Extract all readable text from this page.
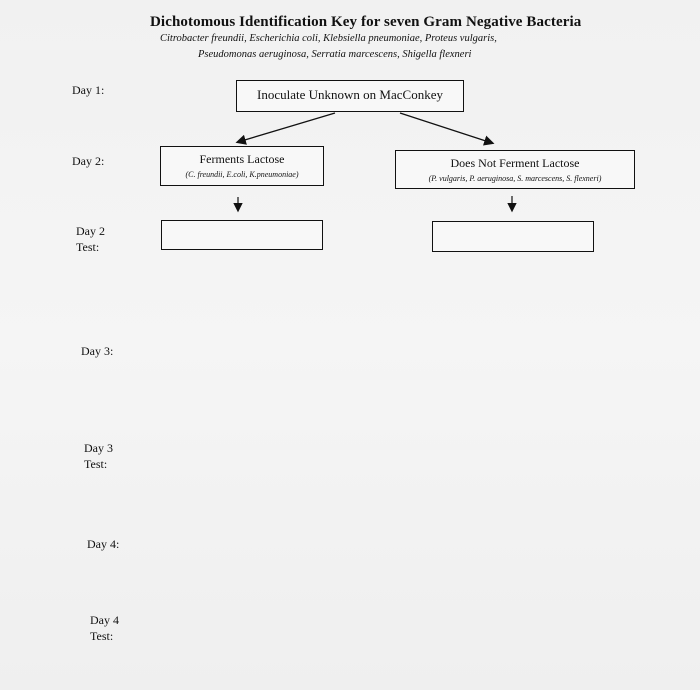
Dichotomous Identification Key for seven Gram Negative Bacteria
Citrobacter freundii, Escherichia coli, Klebsiella pneumoniae, Proteus vulgaris,
Pseudomonas aeruginosa, Serratia marcescens, Shigella flexneri
Day 1:
Day 2:
Day 2
Test:
Day 3:
Day 3
Test:
Day 4:
Day 4
Test:
Inoculate Unknown on MacConkey
Ferments Lactose
(C. freundii, E.coli, K.pneumoniae)
Does Not Ferment Lactose
(P. vulgaris, P. aeruginosa, S. marcescens, S. flexneri)
